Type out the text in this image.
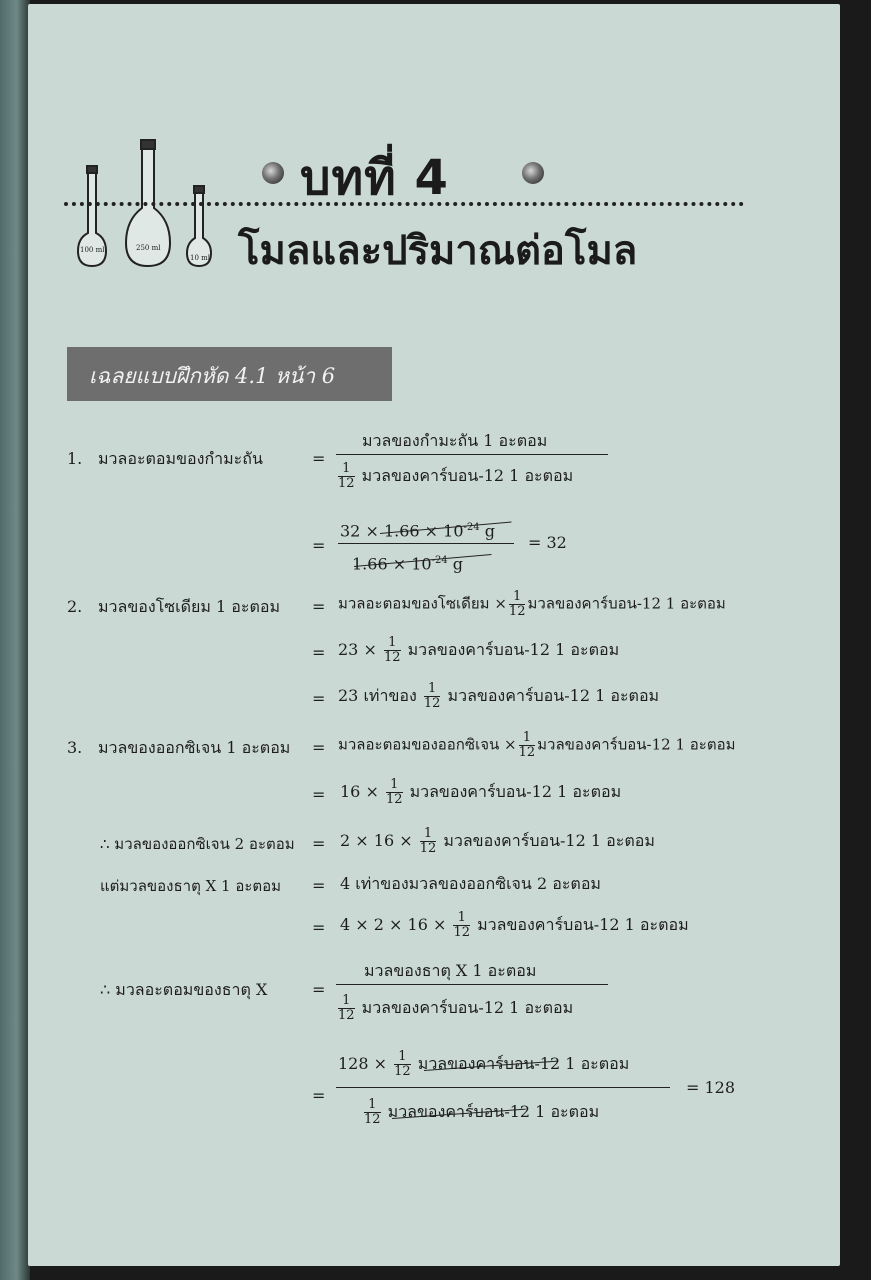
100 ml	250 ml
10 ml
บทที่ 4
โมลและปริมาณต่อโมล
เฉลยแบบฝึกหัด 4.1 หน้า 6
1. มวลอะตอมของกำมะถัน	=
มวลของกำมะถัน 1 อะตอม
$\frac{1}{12}$ มวลของคาร์บอน-12 1 อะตอม
=
$32 \times 1.66 \times 10^{-24}$ g
$1.66 \times 10^{-24}$ g
= 32
2. มวลของโซเดียม 1 อะตอม = มวลอะตอมของโซเดียม × $\frac{1}{12}$ มวลของคาร์บอน-12 1 อะตอม
= $23 \times \frac{1}{12}$ มวลของคาร์บอน-12 1 อะตอม
= 23 เท่าของ $\frac{1}{12}$ มวลของคาร์บอน-12 1 อะตอม
3. มวลของออกซิเจน 1 อะตอม = มวลอะตอมของออกซิเจน × $\frac{1}{12}$ มวลของคาร์บอน-12 1 อะตอม
= $16 \times \frac{1}{12}$ มวลของคาร์บอน-12 1 อะตอม
∴ มวลของออกซิเจน 2 อะตอม = $2 \times 16 \times \frac{1}{12}$ มวลของคาร์บอน-12 1 อะตอม
แต่มวลของธาตุ X 1 อะตอม = 4 เท่าของมวลของออกซิเจน 2 อะตอม
= $4 \times 2 \times 16 \times \frac{1}{12}$ มวลของคาร์บอน-12 1 อะตอม
∴ มวลอะตอมของธาตุ X	=
มวลของธาตุ X 1 อะตอม
$\frac{1}{12}$ มวลของคาร์บอน-12 1 อะตอม
=
$128 \times \frac{1}{12}$ มวลของคาร์บอน-12 1 อะตอม
$\frac{1}{12}$ มวลของคาร์บอน-12 1 อะตอม
= 128
